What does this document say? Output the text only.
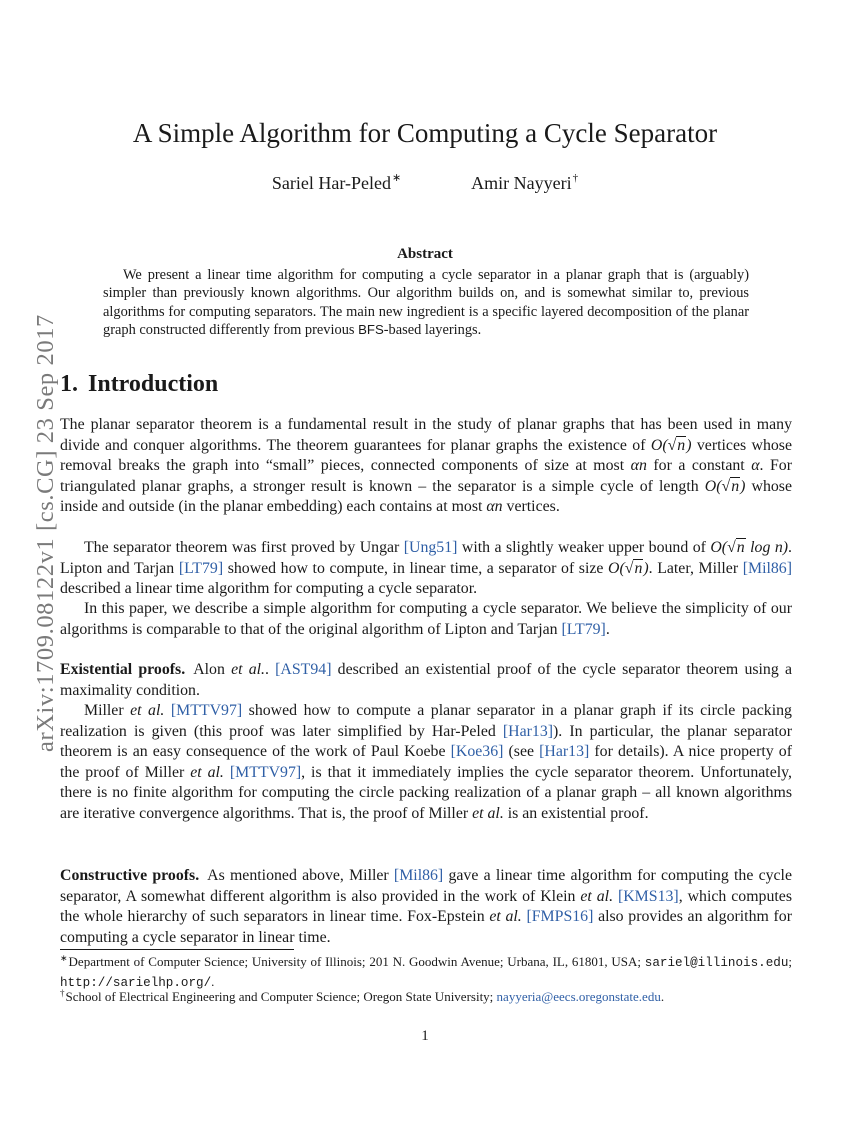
arXiv:1709.08122v1 [cs.CG] 23 Sep 2017
A Simple Algorithm for Computing a Cycle Separator
Sariel Har-Peled∗	Amir Nayyeri†
Abstract

We present a linear time algorithm for computing a cycle separator in a planar graph that is (arguably) simpler than previously known algorithms. Our algorithm builds on, and is somewhat similar to, previous algorithms for computing separators. The main new ingredient is a specific layered decomposition of the planar graph constructed differently from previous BFS-based layerings.

1. Introduction

The planar separator theorem is a fundamental result in the study of planar graphs that has been used in many divide and conquer algorithms. The theorem guarantees for planar graphs the existence of O(√n) vertices whose removal breaks the graph into “small” pieces, connected components of size at most αn for a constant α. For triangulated planar graphs, a stronger result is known – the separator is a simple cycle of length O(√n) whose inside and outside (in the planar embedding) each contains at most αn vertices.

The separator theorem was first proved by Ungar [Ung51] with a slightly weaker upper bound of O(√n log n). Lipton and Tarjan [LT79] showed how to compute, in linear time, a separator of size O(√n). Later, Miller [Mil86] described a linear time algorithm for computing a cycle separator.

In this paper, we describe a simple algorithm for computing a cycle separator. We believe the simplicity of our algorithms is comparable to that of the original algorithm of Lipton and Tarjan [LT79].

Existential proofs. Alon et al.. [AST94] described an existential proof of the cycle separator theorem using a maximality condition.

Miller et al. [MTTV97] showed how to compute a planar separator in a planar graph if its circle packing realization is given (this proof was later simplified by Har-Peled [Har13]). In particular, the planar separator theorem is an easy consequence of the work of Paul Koebe [Koe36] (see [Har13] for details). A nice property of the proof of Miller et al. [MTTV97], is that it immediately implies the cycle separator theorem. Unfortunately, there is no finite algorithm for computing the circle packing realization of a planar graph – all known algorithms are iterative convergence algorithms. That is, the proof of Miller et al. is an existential proof.

Constructive proofs. As mentioned above, Miller [Mil86] gave a linear time algorithm for computing the cycle separator, A somewhat different algorithm is also provided in the work of Klein et al. [KMS13], which computes the whole hierarchy of such separators in linear time. Fox-Epstein et al. [FMPS16] also provides an algorithm for computing a cycle separator in linear time.

∗Department of Computer Science; University of Illinois; 201 N. Goodwin Avenue; Urbana, IL, 61801, USA; sariel@illinois.edu; http://sarielhp.org/.

†School of Electrical Engineering and Computer Science; Oregon State University; nayyeria@eecs.oregonstate.edu.

1
